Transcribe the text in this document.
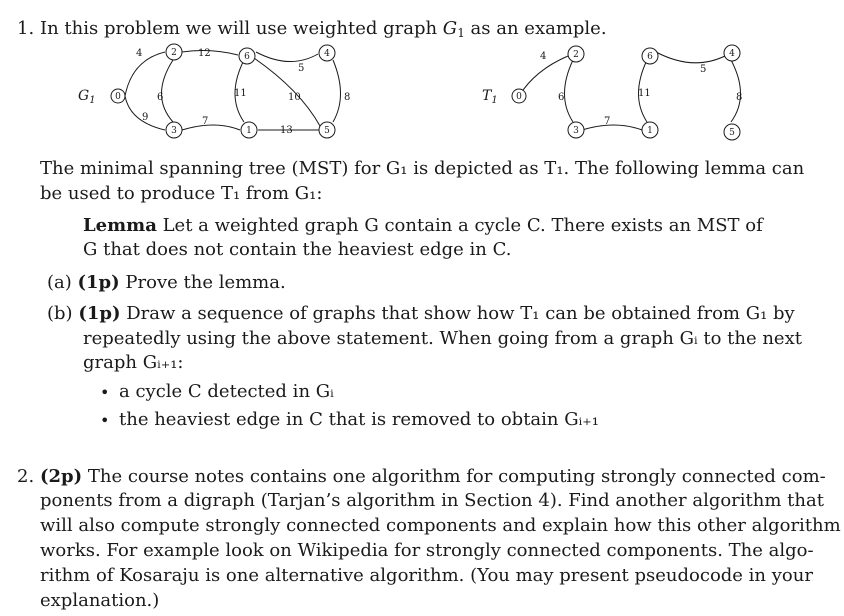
1. In this problem we will use weighted graph $G_1$ as an example.
0
2	6	4
3	1	5
0
2	6	4
3	1	5
4	12
5
6	11	10	8
9	7
13
4
6	11
5
8
7
$G_1$	$T_1$
The minimal spanning tree (MST) for G₁ is depicted as T₁. The following lemma can
be used to produce T₁ from G₁:
Lemma Let a weighted graph G contain a cycle C. There exists an MST of
G that does not contain the heaviest edge in C.
(a) (1p) Prove the lemma.
(b) (1p) Draw a sequence of graphs that show how T₁ can be obtained from G₁ by
repeatedly using the above statement. When going from a graph Gᵢ to the next
graph Gᵢ₊₁:
• a cycle C detected in Gᵢ
• the heaviest edge in C that is removed to obtain Gᵢ₊₁
2. (2p) The course notes contains one algorithm for computing strongly connected com-
ponents from a digraph (Tarjan’s algorithm in Section 4). Find another algorithm that
will also compute strongly connected components and explain how this other algorithm
works. For example look on Wikipedia for strongly connected components. The algo-
rithm of Kosaraju is one alternative algorithm. (You may present pseudocode in your
explanation.)
